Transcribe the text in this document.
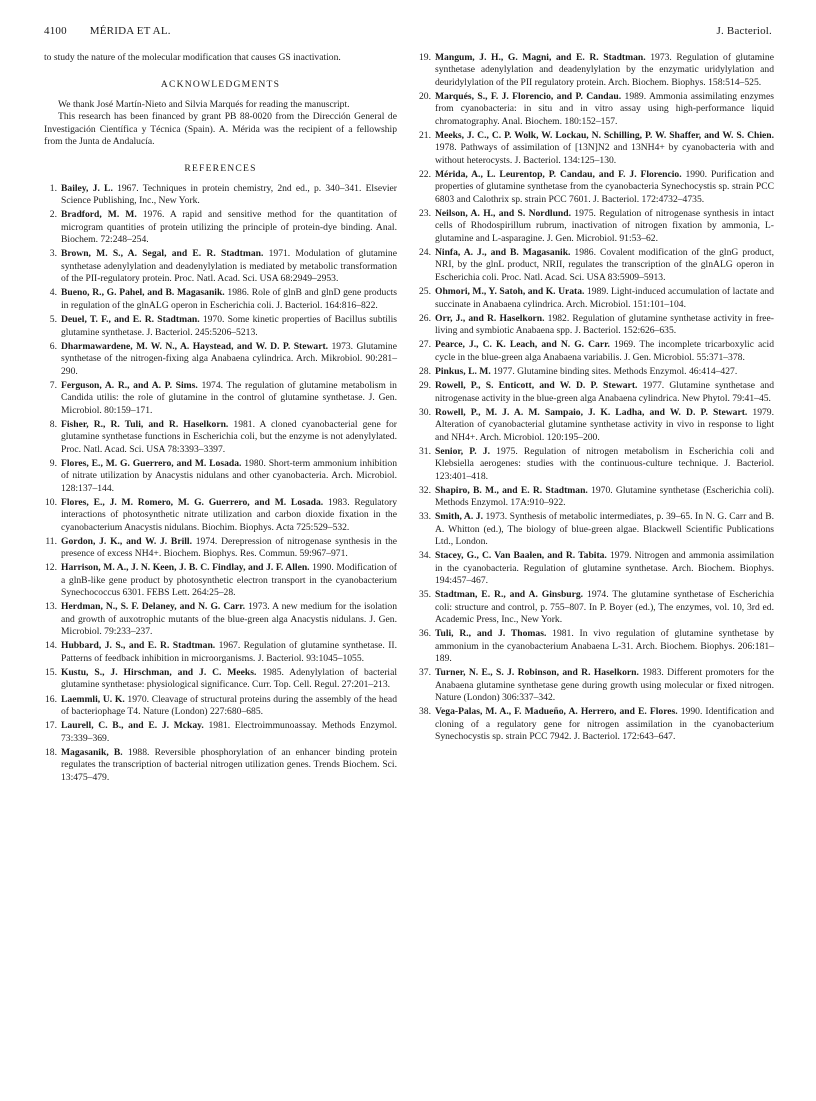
4100 MÉRIDA ET AL.	J. Bacteriol.

to study the nature of the molecular modification that causes GS inactivation.

ACKNOWLEDGMENTS

We thank José Martín-Nieto and Silvia Marqués for reading the manuscript.

This research has been financed by grant PB 88-0020 from the Dirección General de Investigación Científica y Técnica (Spain). A. Mérida was the recipient of a fellowship from the Junta de Andalucía.

REFERENCES
1. Bailey, J. L. 1967. Techniques in protein chemistry, 2nd ed., p. 340–341. Elsevier Science Publishing, Inc., New York.
2. Bradford, M. M. 1976. A rapid and sensitive method for the quantitation of microgram quantities of protein utilizing the principle of protein-dye binding. Anal. Biochem. 72:248–254.
3. Brown, M. S., A. Segal, and E. R. Stadtman. 1971. Modulation of glutamine synthetase adenylylation and deadenylylation is mediated by metabolic transformation of the PII-regulatory protein. Proc. Natl. Acad. Sci. USA 68:2949–2953.
4. Bueno, R., G. Pahel, and B. Magasanik. 1986. Role of glnB and glnD gene products in regulation of the glnALG operon in Escherichia coli. J. Bacteriol. 164:816–822.
5. Deuel, T. F., and E. R. Stadtman. 1970. Some kinetic properties of Bacillus subtilis glutamine synthetase. J. Bacteriol. 245:5206–5213.
6. Dharmawardene, M. W. N., A. Haystead, and W. D. P. Stewart. 1973. Glutamine synthetase of the nitrogen-fixing alga Anabaena cylindrica. Arch. Mikrobiol. 90:281–290.
7. Ferguson, A. R., and A. P. Sims. 1974. The regulation of glutamine metabolism in Candida utilis: the role of glutamine in the control of glutamine synthetase. J. Gen. Microbiol. 80:159–171.
8. Fisher, R., R. Tuli, and R. Haselkorn. 1981. A cloned cyanobacterial gene for glutamine synthetase functions in Escherichia coli, but the enzyme is not adenylylated. Proc. Natl. Acad. Sci. USA 78:3393–3397.
9. Flores, E., M. G. Guerrero, and M. Losada. 1980. Short-term ammonium inhibition of nitrate utilization by Anacystis nidulans and other cyanobacteria. Arch. Microbiol. 128:137–144.
10. Flores, E., J. M. Romero, M. G. Guerrero, and M. Losada. 1983. Regulatory interactions of photosynthetic nitrate utilization and carbon dioxide fixation in the cyanobacterium Anacystis nidulans. Biochim. Biophys. Acta 725:529–532.
11. Gordon, J. K., and W. J. Brill. 1974. Derepression of nitrogenase synthesis in the presence of excess NH4+. Biochem. Biophys. Res. Commun. 59:967–971.
12. Harrison, M. A., J. N. Keen, J. B. C. Findlay, and J. F. Allen. 1990. Modification of a glnB-like gene product by photosynthetic electron transport in the cyanobacterium Synechococcus 6301. FEBS Lett. 264:25–28.
13. Herdman, N., S. F. Delaney, and N. G. Carr. 1973. A new medium for the isolation and growth of auxotrophic mutants of the blue-green alga Anacystis nidulans. J. Gen. Microbiol. 79:233–237.
14. Hubbard, J. S., and E. R. Stadtman. 1967. Regulation of glutamine synthetase. II. Patterns of feedback inhibition in microorganisms. J. Bacteriol. 93:1045–1055.
15. Kustu, S., J. Hirschman, and J. C. Meeks. 1985. Adenylylation of bacterial glutamine synthetase: physiological significance. Curr. Top. Cell. Regul. 27:201–213.
16. Laemmli, U. K. 1970. Cleavage of structural proteins during the assembly of the head of bacteriophage T4. Nature (London) 227:680–685.
17. Laurell, C. B., and E. J. Mckay. 1981. Electroimmunoassay. Methods Enzymol. 73:339–369.
18. Magasanik, B. 1988. Reversible phosphorylation of an enhancer binding protein regulates the transcription of bacterial nitrogen utilization genes. Trends Biochem. Sci. 13:475–479.
19. Mangum, J. H., G. Magni, and E. R. Stadtman. 1973. Regulation of glutamine synthetase adenylylation and deadenylylation by the enzymatic uridylylation and deuridylylation of the PII regulatory protein. Arch. Biochem. Biophys. 158:514–525.
20. Marqués, S., F. J. Florencio, and P. Candau. 1989. Ammonia assimilating enzymes from cyanobacteria: in situ and in vitro assay using high-performance liquid chromatography. Anal. Biochem. 180:152–157.
21. Meeks, J. C., C. P. Wolk, W. Lockau, N. Schilling, P. W. Shaffer, and W. S. Chien. 1978. Pathways of assimilation of [13N]N2 and 13NH4+ by cyanobacteria with and without heterocysts. J. Bacteriol. 134:125–130.
22. Mérida, A., L. Leurentop, P. Candau, and F. J. Florencio. 1990. Purification and properties of glutamine synthetase from the cyanobacteria Synechocystis sp. strain PCC 6803 and Calothrix sp. strain PCC 7601. J. Bacteriol. 172:4732–4735.
23. Neilson, A. H., and S. Nordlund. 1975. Regulation of nitrogenase synthesis in intact cells of Rhodospirillum rubrum, inactivation of nitrogen fixation by ammonia, L-glutamine and L-asparagine. J. Gen. Microbiol. 91:53–62.
24. Ninfa, A. J., and B. Magasanik. 1986. Covalent modification of the glnG product, NRI, by the glnL product, NRII, regulates the transcription of the glnALG operon in Escherichia coli. Proc. Natl. Acad. Sci. USA 83:5909–5913.
25. Ohmori, M., Y. Satoh, and K. Urata. 1989. Light-induced accumulation of lactate and succinate in Anabaena cylindrica. Arch. Microbiol. 151:101–104.
26. Orr, J., and R. Haselkorn. 1982. Regulation of glutamine synthetase activity in free-living and symbiotic Anabaena spp. J. Bacteriol. 152:626–635.
27. Pearce, J., C. K. Leach, and N. G. Carr. 1969. The incomplete tricarboxylic acid cycle in the blue-green alga Anabaena variabilis. J. Gen. Microbiol. 55:371–378.
28. Pinkus, L. M. 1977. Glutamine binding sites. Methods Enzymol. 46:414–427.
29. Rowell, P., S. Enticott, and W. D. P. Stewart. 1977. Glutamine synthetase and nitrogenase activity in the blue-green alga Anabaena cylindrica. New Phytol. 79:41–45.
30. Rowell, P., M. J. A. M. Sampaio, J. K. Ladha, and W. D. P. Stewart. 1979. Alteration of cyanobacterial glutamine synthetase activity in vivo in response to light and NH4+. Arch. Microbiol. 120:195–200.
31. Senior, P. J. 1975. Regulation of nitrogen metabolism in Escherichia coli and Klebsiella aerogenes: studies with the continuous-culture technique. J. Bacteriol. 123:401–418.
32. Shapiro, B. M., and E. R. Stadtman. 1970. Glutamine synthetase (Escherichia coli). Methods Enzymol. 17A:910–922.
33. Smith, A. J. 1973. Synthesis of metabolic intermediates, p. 39–65. In N. G. Carr and B. A. Whitton (ed.), The biology of blue-green algae. Blackwell Scientific Publications Ltd., London.
34. Stacey, G., C. Van Baalen, and R. Tabita. 1979. Nitrogen and ammonia assimilation in the cyanobacteria. Regulation of glutamine synthetase. Arch. Biochem. Biophys. 194:457–467.
35. Stadtman, E. R., and A. Ginsburg. 1974. The glutamine synthetase of Escherichia coli: structure and control, p. 755–807. In P. Boyer (ed.), The enzymes, vol. 10, 3rd ed. Academic Press, Inc., New York.
36. Tuli, R., and J. Thomas. 1981. In vivo regulation of glutamine synthetase by ammonium in the cyanobacterium Anabaena L-31. Arch. Biochem. Biophys. 206:181–189.
37. Turner, N. E., S. J. Robinson, and R. Haselkorn. 1983. Different promoters for the Anabaena glutamine synthetase gene during growth using molecular or fixed nitrogen. Nature (London) 306:337–342.
38. Vega-Palas, M. A., F. Madueño, A. Herrero, and E. Flores. 1990. Identification and cloning of a regulatory gene for nitrogen assimilation in the cyanobacterium Synechocystis sp. strain PCC 7942. J. Bacteriol. 172:643–647.
